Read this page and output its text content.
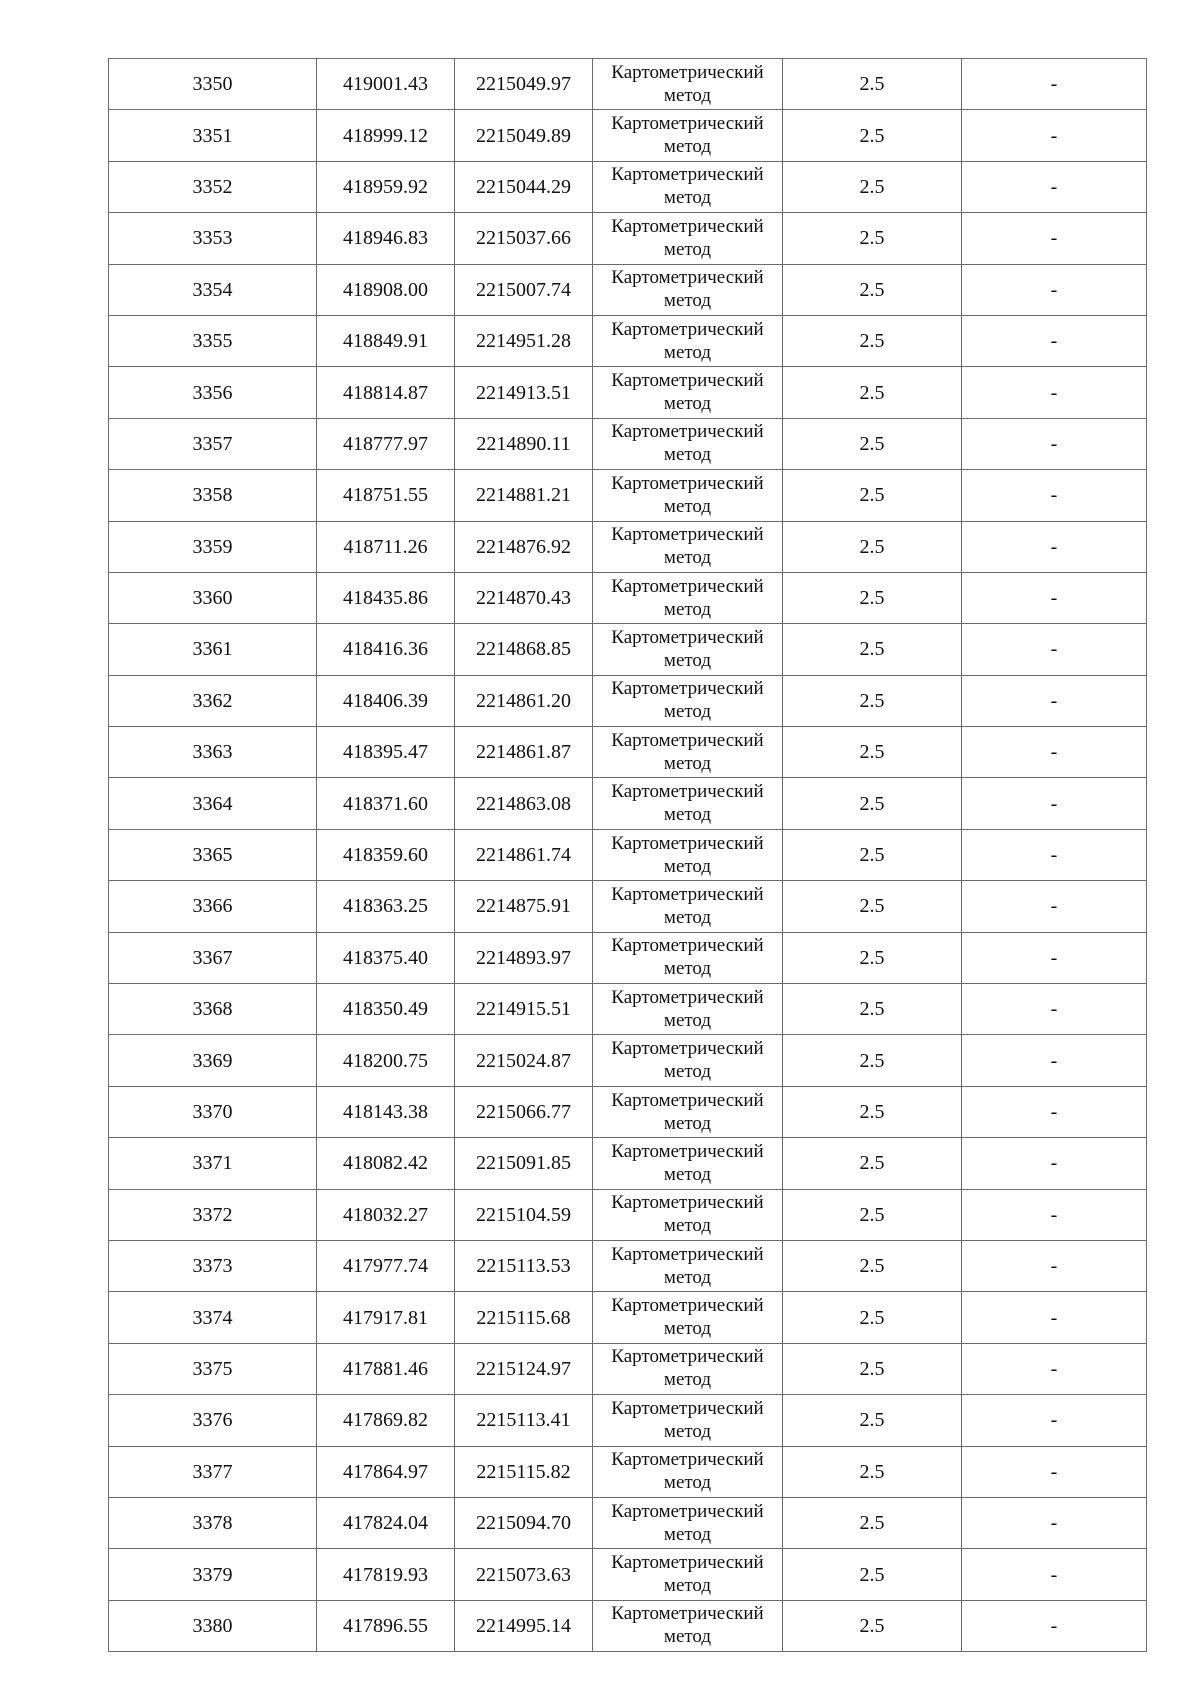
3350	419001.43	2215049.97	Картометрический метод	2.5	-
3351	418999.12	2215049.89	Картометрический метод	2.5	-
3352	418959.92	2215044.29	Картометрический метод	2.5	-
3353	418946.83	2215037.66	Картометрический метод	2.5	-
3354	418908.00	2215007.74	Картометрический метод	2.5	-
3355	418849.91	2214951.28	Картометрический метод	2.5	-
3356	418814.87	2214913.51	Картометрический метод	2.5	-
3357	418777.97	2214890.11	Картометрический метод	2.5	-
3358	418751.55	2214881.21	Картометрический метод	2.5	-
3359	418711.26	2214876.92	Картометрический метод	2.5	-
3360	418435.86	2214870.43	Картометрический метод	2.5	-
3361	418416.36	2214868.85	Картометрический метод	2.5	-
3362	418406.39	2214861.20	Картометрический метод	2.5	-
3363	418395.47	2214861.87	Картометрический метод	2.5	-
3364	418371.60	2214863.08	Картометрический метод	2.5	-
3365	418359.60	2214861.74	Картометрический метод	2.5	-
3366	418363.25	2214875.91	Картометрический метод	2.5	-
3367	418375.40	2214893.97	Картометрический метод	2.5	-
3368	418350.49	2214915.51	Картометрический метод	2.5	-
3369	418200.75	2215024.87	Картометрический метод	2.5	-
3370	418143.38	2215066.77	Картометрический метод	2.5	-
3371	418082.42	2215091.85	Картометрический метод	2.5	-
3372	418032.27	2215104.59	Картометрический метод	2.5	-
3373	417977.74	2215113.53	Картометрический метод	2.5	-
3374	417917.81	2215115.68	Картометрический метод	2.5	-
3375	417881.46	2215124.97	Картометрический метод	2.5	-
3376	417869.82	2215113.41	Картометрический метод	2.5	-
3377	417864.97	2215115.82	Картометрический метод	2.5	-
3378	417824.04	2215094.70	Картометрический метод	2.5	-
3379	417819.93	2215073.63	Картометрический метод	2.5	-
3380	417896.55	2214995.14	Картометрический метод	2.5	-
